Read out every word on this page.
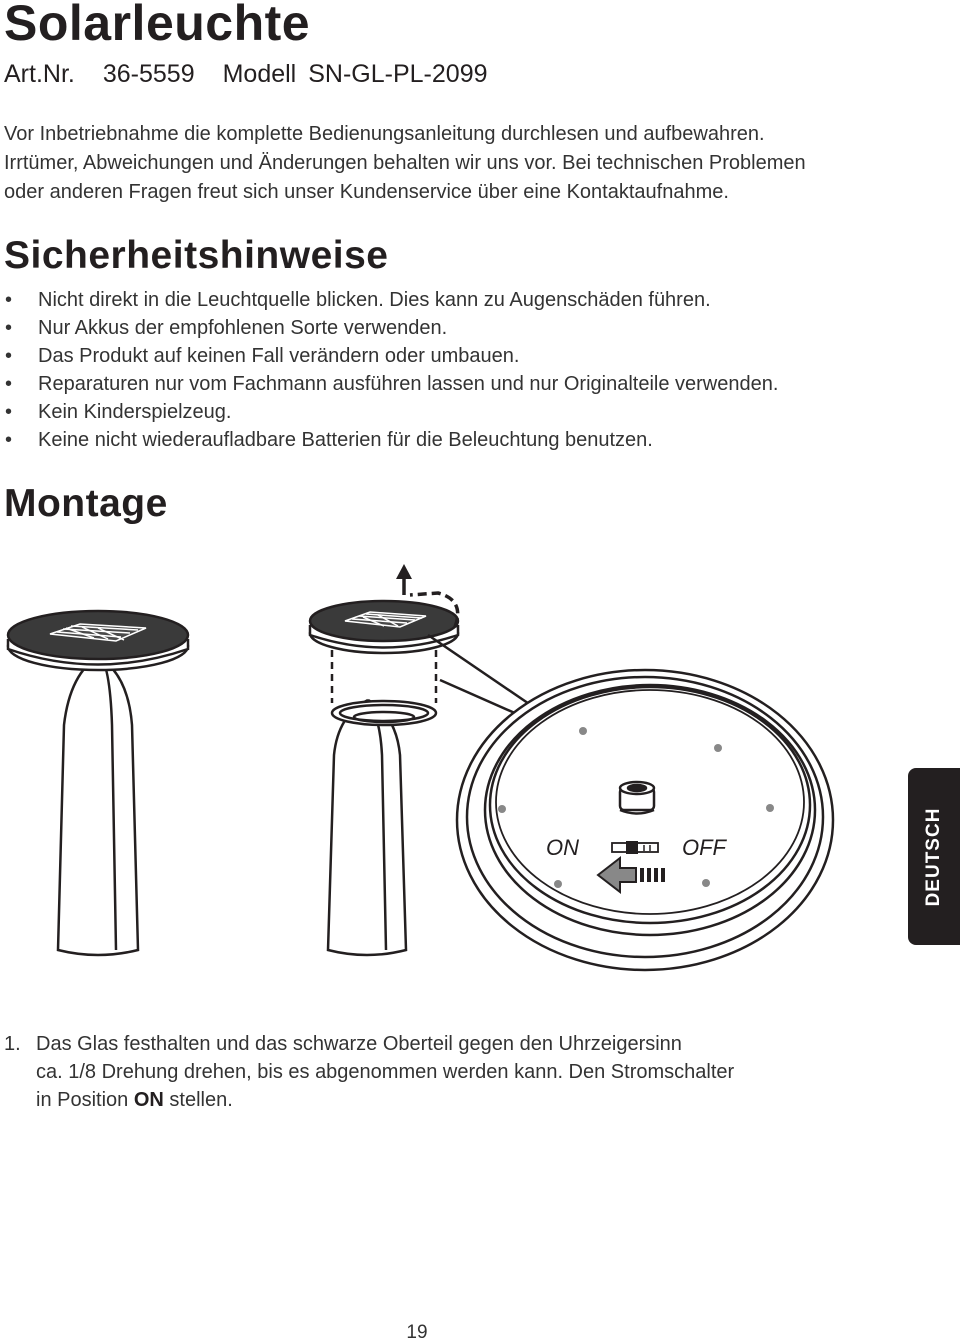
Solarleuchte

Art.Nr. 36-5559 Modell SN-GL-PL-2099

Vor Inbetriebnahme die komplette Bedienungsanleitung durchlesen und aufbewahren.
Irrtümer, Abweichungen und Änderungen behalten wir uns vor. Bei technischen Problemen
oder anderen Fragen freut sich unser Kundenservice über eine Kontaktaufnahme.
Sicherheitshinweise
• Nicht direkt in die Leuchtquelle blicken. Dies kann zu Augenschäden führen.
• Nur Akkus der empfohlenen Sorte verwenden.
• Das Produkt auf keinen Fall verändern oder umbauen.
• Reparaturen nur vom Fachmann ausführen lassen und nur Originalteile verwenden.
• Kein Kinderspielzeug.
• Keine nicht wiederaufladbare Batterien für die Beleuchtung benutzen.
Montage
ON	OFF
1. Das Glas festhalten und das schwarze Oberteil gegen den Uhrzeigersinn
ca. 1/8 Drehung drehen, bis es abgenommen werden kann. Den Stromschalter
in Position ON stellen.
DEUTSCH
19
